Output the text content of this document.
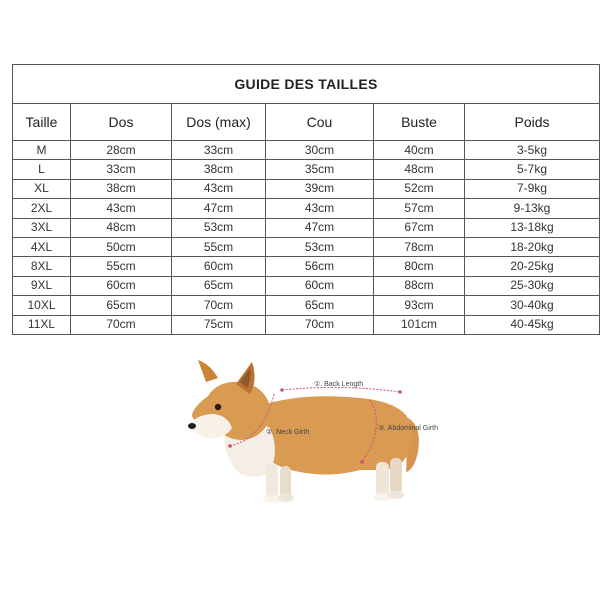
GUIDE DES TAILLES					
Taille	Dos	Dos (max)	Cou	Buste	Poids
M	28cm	33cm	30cm	40cm	3-5kg
L	33cm	38cm	35cm	48cm	5-7kg
XL	38cm	43cm	39cm	52cm	7-9kg
2XL	43cm	47cm	43cm	57cm	9-13kg
3XL	48cm	53cm	47cm	67cm	13-18kg
4XL	50cm	55cm	53cm	78cm	18-20kg
8XL	55cm	60cm	56cm	80cm	20-25kg
9XL	60cm	65cm	60cm	88cm	25-30kg
10XL	65cm	70cm	65cm	93cm	30-40kg
11XL	70cm	75cm	70cm	101cm	40-45kg
①. Back Length
②. Neck Girth
③. Abdominal Girth
